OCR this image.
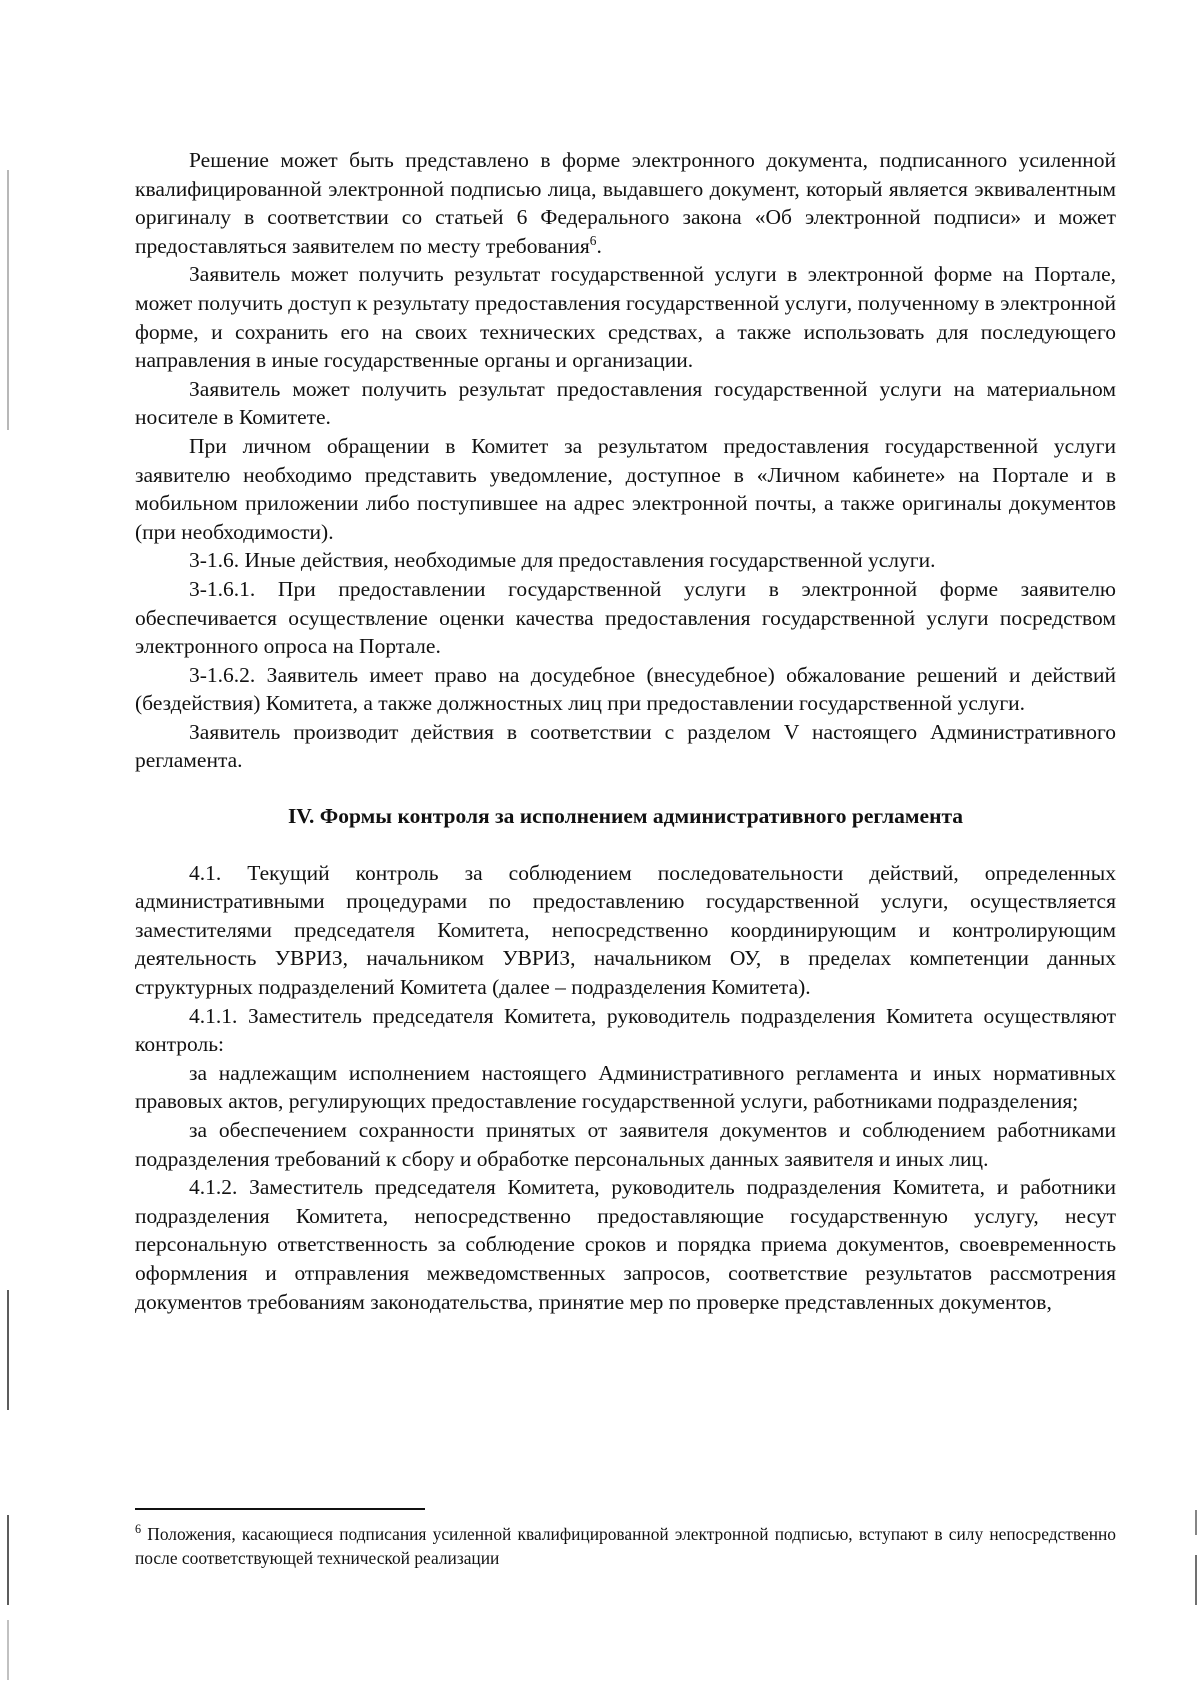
Решение может быть представлено в форме электронного документа, подписанного усиленной квалифицированной электронной подписью лица, выдавшего документ, который является эквивалентным оригиналу в соответствии со статьей 6 Федерального закона «Об электронной подписи» и может предоставляться заявителем по месту требования$^6$.

Заявитель может получить результат государственной услуги в электронной форме на Портале, может получить доступ к результату предоставления государственной услуги, полученному в электронной форме, и сохранить его на своих технических средствах, а также использовать для последующего направления в иные государственные органы и организации.

Заявитель может получить результат предоставления государственной услуги на материальном носителе в Комитете.

При личном обращении в Комитет за результатом предоставления государственной услуги заявителю необходимо представить уведомление, доступное в «Личном кабинете» на Портале и в мобильном приложении либо поступившее на адрес электронной почты, а также оригиналы документов (при необходимости).

3-1.6. Иные действия, необходимые для предоставления государственной услуги.

3-1.6.1. При предоставлении государственной услуги в электронной форме заявителю обеспечивается осуществление оценки качества предоставления государственной услуги посредством электронного опроса на Портале.

3-1.6.2. Заявитель имеет право на досудебное (внесудебное) обжалование решений и действий (бездействия) Комитета, а также должностных лиц при предоставлении государственной услуги.

Заявитель производит действия в соответствии с разделом V настоящего Административного регламента.

IV. Формы контроля за исполнением административного регламента

4.1. Текущий контроль за соблюдением последовательности действий, определенных административными процедурами по предоставлению государственной услуги, осуществляется заместителями председателя Комитета, непосредственно координирующим и контролирующим деятельность УВРИЗ, начальником УВРИЗ, начальником ОУ, в пределах компетенции данных структурных подразделений Комитета (далее – подразделения Комитета).

4.1.1. Заместитель председателя Комитета, руководитель подразделения Комитета осуществляют контроль:

за надлежащим исполнением настоящего Административного регламента и иных нормативных правовых актов, регулирующих предоставление государственной услуги, работниками подразделения;

за обеспечением сохранности принятых от заявителя документов и соблюдением работниками подразделения требований к сбору и обработке персональных данных заявителя и иных лиц.

4.1.2. Заместитель председателя Комитета, руководитель подразделения Комитета, и работники подразделения Комитета, непосредственно предоставляющие государственную услугу, несут персональную ответственность за соблюдение сроков и порядка приема документов, своевременность оформления и отправления межведомственных запросов, соответствие результатов рассмотрения документов требованиям законодательства, принятие мер по проверке представленных документов,

$^6$ Положения, касающиеся подписания усиленной квалифицированной электронной подписью, вступают в силу непосредственно после соответствующей технической реализации
